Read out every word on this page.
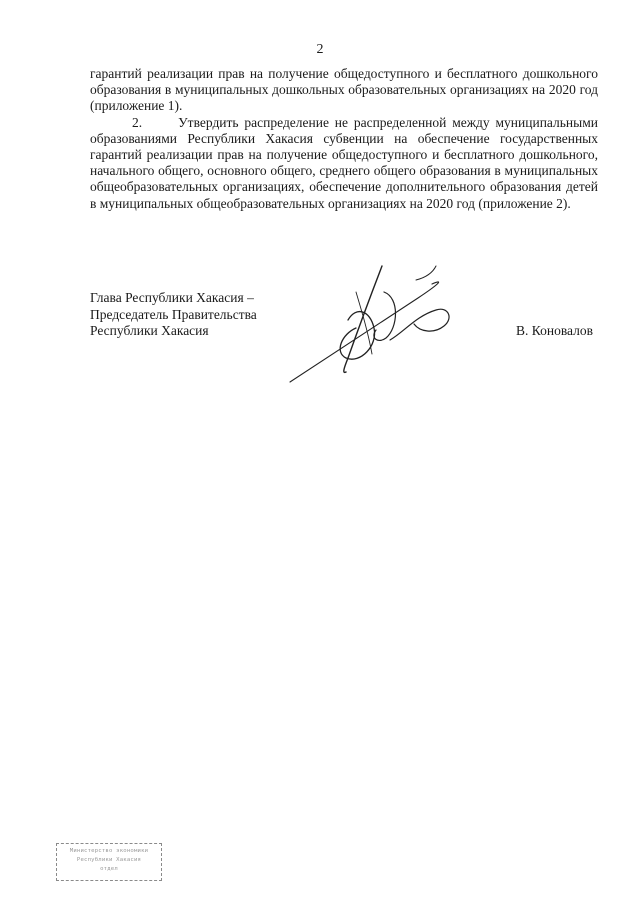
2

гарантий реализации прав на получение общедоступного и бесплатного дошкольного образования в муниципальных дошкольных образовательных организациях на 2020 год (приложение 1).

2.	Утвердить распределение не распределенной между муниципальными образованиями Республики Хакасия субвенции на обеспечение государственных гарантий реализации прав на получение общедоступного и бесплатного дошкольного, начального общего, основного общего, среднего общего образования в муниципальных общеобразовательных организациях, обеспечение дополнительного образования детей в муниципальных общеобразовательных организациях на 2020 год (приложение 2).

Глава Республики Хакасия –
Председатель Правительства
Республики Хакасия	В. Коновалов
Министерство экономики
Республики Хакасия
отдел
